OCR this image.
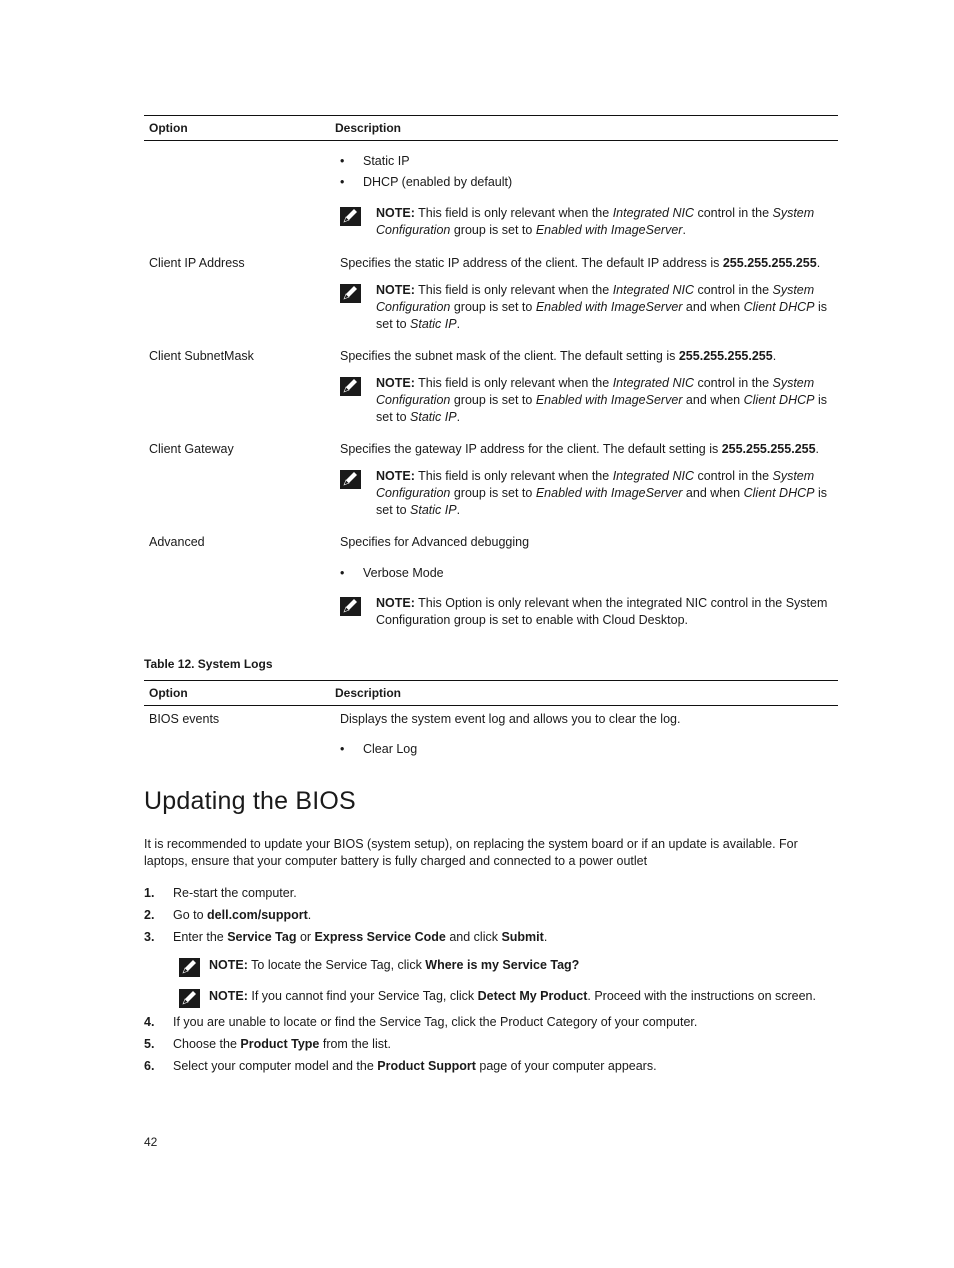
Option	Description
• Static IP
• DHCP (enabled by default)
NOTE: This field is only relevant when the Integrated NIC control in the System Configuration group is set to Enabled with ImageServer.
Client IP Address	Specifies the static IP address of the client. The default IP address is 255.255.255.255.
NOTE: This field is only relevant when the Integrated NIC control in the System Configuration group is set to Enabled with ImageServer and when Client DHCP is set to Static IP.
Client SubnetMask	Specifies the subnet mask of the client. The default setting is 255.255.255.255.
NOTE: This field is only relevant when the Integrated NIC control in the System Configuration group is set to Enabled with ImageServer and when Client DHCP is set to Static IP.
Client Gateway	Specifies the gateway IP address for the client. The default setting is 255.255.255.255.
NOTE: This field is only relevant when the Integrated NIC control in the System Configuration group is set to Enabled with ImageServer and when Client DHCP is set to Static IP.
Advanced	Specifies for Advanced debugging
• Verbose Mode
NOTE: This Option is only relevant when the integrated NIC control in the System Configuration group is set to enable with Cloud Desktop.
Table 12. System Logs
Option	Description
BIOS events	Displays the system event log and allows you to clear the log.
• Clear Log
Updating the BIOS
It is recommended to update your BIOS (system setup), on replacing the system board or if an update is available. For laptops, ensure that your computer battery is fully charged and connected to a power outlet
1. Re-start the computer.
2. Go to dell.com/support.
3. Enter the Service Tag or Express Service Code and click Submit.
NOTE: To locate the Service Tag, click Where is my Service Tag?
NOTE: If you cannot find your Service Tag, click Detect My Product. Proceed with the instructions on screen.
4. If you are unable to locate or find the Service Tag, click the Product Category of your computer.
5. Choose the Product Type from the list.
6. Select your computer model and the Product Support page of your computer appears.
42
